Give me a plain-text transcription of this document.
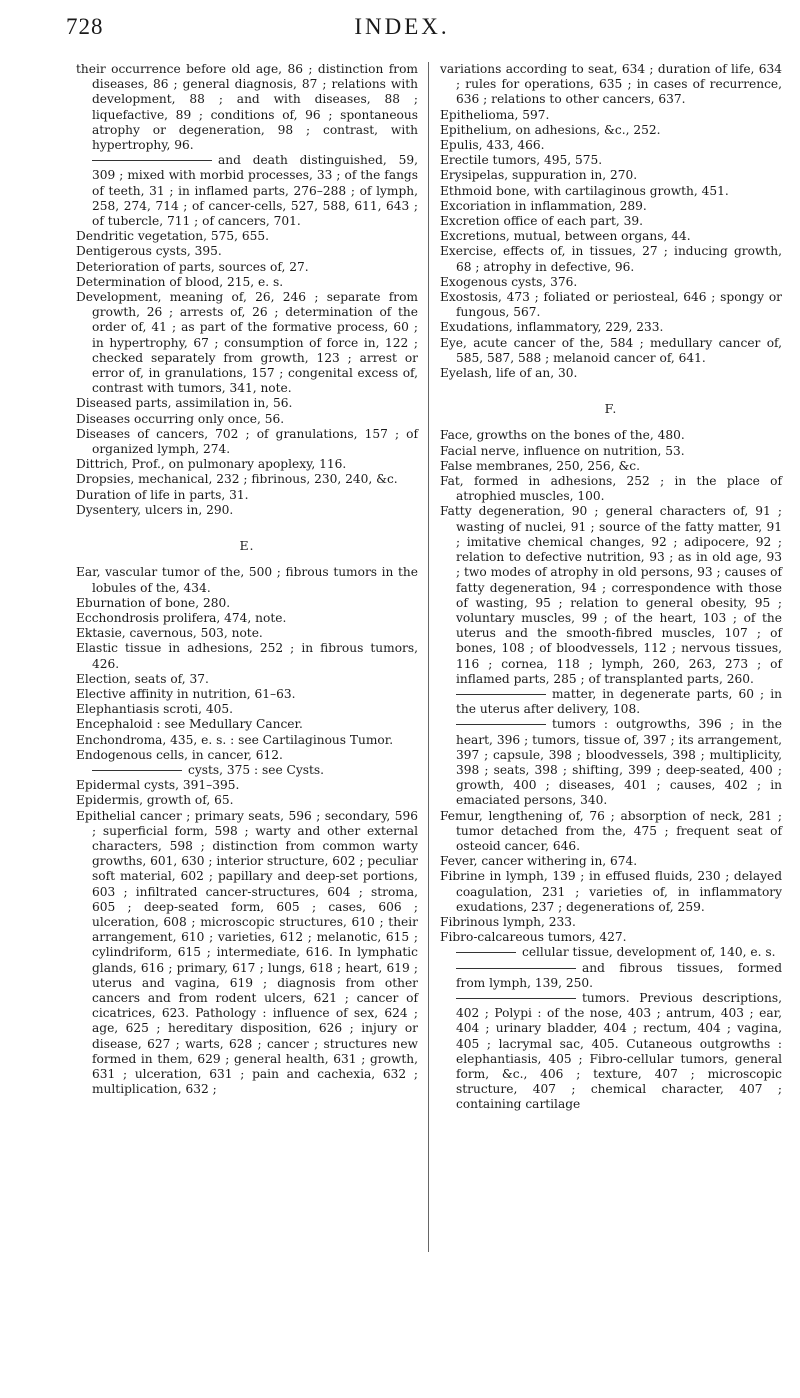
728	INDEX.

their occurrence before old age, 86 ; distinction from diseases, 86 ; general diagnosis, 87 ; relations with development, 88 ; and with diseases, 88 ; liquefactive, 89 ; conditions of, 96 ; spontaneous atrophy or degeneration, 98 ; contrast, with hypertrophy, 96.

and death distinguished, 59, 309 ; mixed with morbid processes, 33 ; of the fangs of teeth, 31 ; in inflamed parts, 276–288 ; of lymph, 258, 274, 714 ; of cancer-cells, 527, 588, 611, 643 ; of tubercle, 711 ; of cancers, 701.

Dendritic vegetation, 575, 655.

Dentigerous cysts, 395.

Deterioration of parts, sources of, 27.

Determination of blood, 215, e. s.

Development, meaning of, 26, 246 ; separate from growth, 26 ; arrests of, 26 ; determination of the order of, 41 ; as part of the formative process, 60 ; in hypertrophy, 67 ; consumption of force in, 122 ; checked separately from growth, 123 ; arrest or error of, in granulations, 157 ; congenital excess of, contrast with tumors, 341, note.

Diseased parts, assimilation in, 56.

Diseases occurring only once, 56.

Diseases of cancers, 702 ; of granulations, 157 ; of organized lymph, 274.

Dittrich, Prof., on pulmonary apoplexy, 116.

Dropsies, mechanical, 232 ; fibrinous, 230, 240, &c.

Duration of life in parts, 31.

Dysentery, ulcers in, 290.

E.

Ear, vascular tumor of the, 500 ; fibrous tumors in the lobules of the, 434.

Eburnation of bone, 280.

Ecchondrosis prolifera, 474, note.

Ektasie, cavernous, 503, note.

Elastic tissue in adhesions, 252 ; in fibrous tumors, 426.

Election, seats of, 37.

Elective affinity in nutrition, 61–63.

Elephantiasis scroti, 405.

Encephaloid : see Medullary Cancer.

Enchondroma, 435, e. s. : see Cartilaginous Tumor.

Endogenous cells, in cancer, 612.

cysts, 375 : see Cysts.

Epidermal cysts, 391–395.

Epidermis, growth of, 65.

Epithelial cancer ; primary seats, 596 ; secondary, 596 ; superficial form, 598 ; warty and other external characters, 598 ; distinction from common warty growths, 601, 630 ; interior structure, 602 ; peculiar soft material, 602 ; papillary and deep-set portions, 603 ; infiltrated cancer-structures, 604 ; stroma, 605 ; deep-seated form, 605 ; cases, 606 ; ulceration, 608 ; microscopic structures, 610 ; their arrangement, 610 ; varieties, 612 ; melanotic, 615 ; cylindriform, 615 ; intermediate, 616. In lymphatic glands, 616 ; primary, 617 ; lungs, 618 ; heart, 619 ; uterus and vagina, 619 ; diagnosis from other cancers and from rodent ulcers, 621 ; cancer of cicatrices, 623. Pathology : influence of sex, 624 ; age, 625 ; hereditary disposition, 626 ; injury or disease, 627 ; warts, 628 ; cancer ; structures new formed in them, 629 ; general health, 631 ; growth, 631 ; ulceration, 631 ; pain and cachexia, 632 ; multiplication, 632 ;

variations according to seat, 634 ; duration of life, 634 ; rules for operations, 635 ; in cases of recurrence, 636 ; relations to other cancers, 637.

Epithelioma, 597.

Epithelium, on adhesions, &c., 252.

Epulis, 433, 466.

Erectile tumors, 495, 575.

Erysipelas, suppuration in, 270.

Ethmoid bone, with cartilaginous growth, 451.

Excoriation in inflammation, 289.

Excretion office of each part, 39.

Excretions, mutual, between organs, 44.

Exercise, effects of, in tissues, 27 ; inducing growth, 68 ; atrophy in defective, 96.

Exogenous cysts, 376.

Exostosis, 473 ; foliated or periosteal, 646 ; spongy or fungous, 567.

Exudations, inflammatory, 229, 233.

Eye, acute cancer of the, 584 ; medullary cancer of, 585, 587, 588 ; melanoid cancer of, 641.

Eyelash, life of an, 30.

F.

Face, growths on the bones of the, 480.

Facial nerve, influence on nutrition, 53.

False membranes, 250, 256, &c.

Fat, formed in adhesions, 252 ; in the place of atrophied muscles, 100.

Fatty degeneration, 90 ; general characters of, 91 ; wasting of nuclei, 91 ; source of the fatty matter, 91 ; imitative chemical changes, 92 ; adipocere, 92 ; relation to defective nutrition, 93 ; as in old age, 93 ; two modes of atrophy in old persons, 93 ; causes of fatty degeneration, 94 ; correspondence with those of wasting, 95 ; relation to general obesity, 95 ; voluntary muscles, 99 ; of the heart, 103 ; of the uterus and the smooth-fibred muscles, 107 ; of bones, 108 ; of bloodvessels, 112 ; nervous tissues, 116 ; cornea, 118 ; lymph, 260, 263, 273 ; of inflamed parts, 285 ; of transplanted parts, 260.

matter, in degenerate parts, 60 ; in the uterus after delivery, 108.

tumors : outgrowths, 396 ; in the heart, 396 ; tumors, tissue of, 397 ; its arrangement, 397 ; capsule, 398 ; bloodvessels, 398 ; multiplicity, 398 ; seats, 398 ; shifting, 399 ; deep-seated, 400 ; growth, 400 ; diseases, 401 ; causes, 402 ; in emaciated persons, 340.

Femur, lengthening of, 76 ; absorption of neck, 281 ; tumor detached from the, 475 ; frequent seat of osteoid cancer, 646.

Fever, cancer withering in, 674.

Fibrine in lymph, 139 ; in effused fluids, 230 ; delayed coagulation, 231 ; varieties of, in inflammatory exudations, 237 ; degenerations of, 259.

Fibrinous lymph, 233.

Fibro-calcareous tumors, 427.

cellular tissue, development of, 140, e. s.

and fibrous tissues, formed from lymph, 139, 250.

tumors. Previous descriptions, 402 ; Polypi : of the nose, 403 ; antrum, 403 ; ear, 404 ; urinary bladder, 404 ; rectum, 404 ; vagina, 405 ; lacrymal sac, 405. Cutaneous outgrowths : elephantiasis, 405 ; Fibro-cellular tumors, general form, &c., 406 ; texture, 407 ; microscopic structure, 407 ; chemical character, 407 ; containing cartilage
